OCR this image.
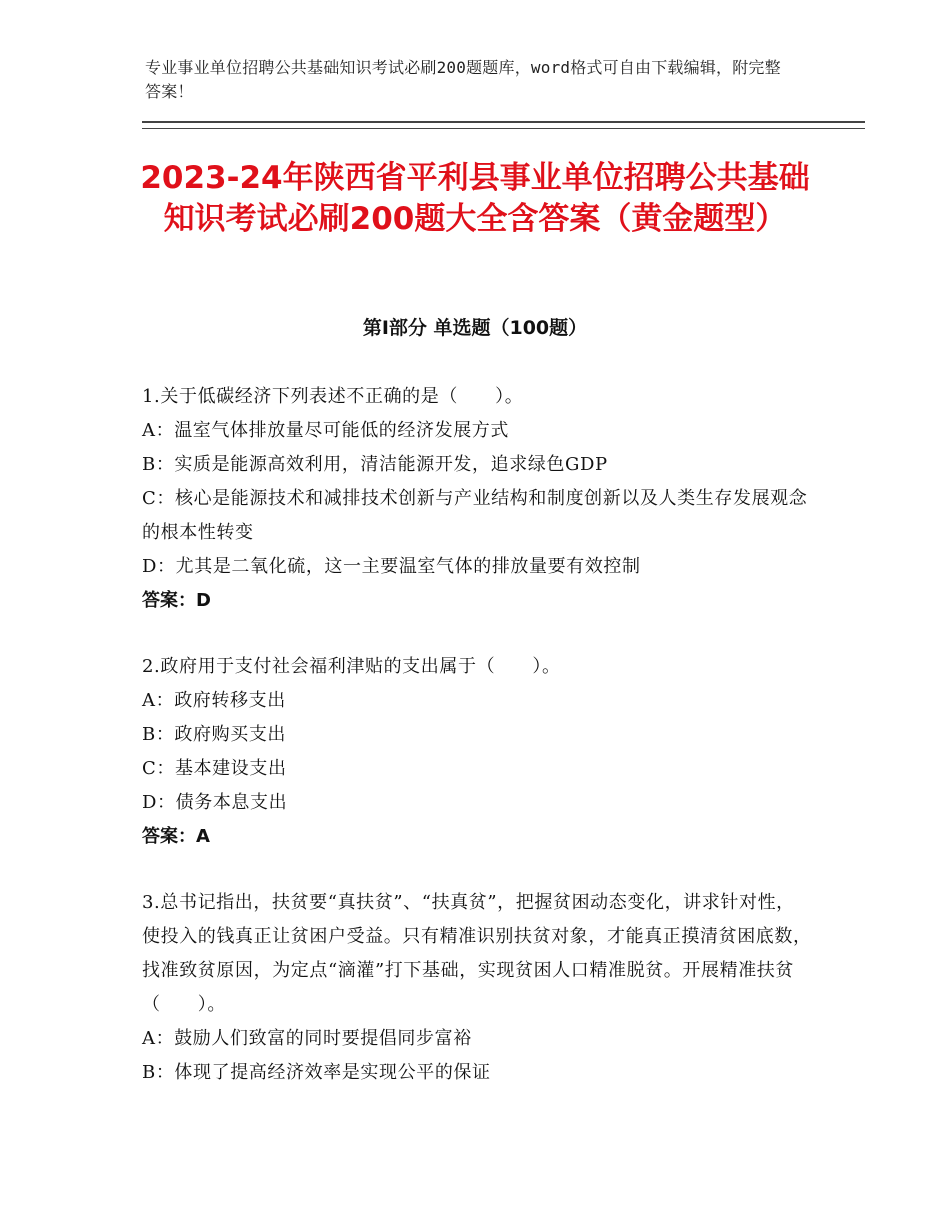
专业事业单位招聘公共基础知识考试必刷200题题库，word格式可自由下载编辑，附完整答案！
2023-24年陕西省平利县事业单位招聘公共基础知识考试必刷200题大全含答案（黄金题型）
第Ⅰ部分 单选题（100题）
1.关于低碳经济下列表述不正确的是（　　）。
A：温室气体排放量尽可能低的经济发展方式
B：实质是能源高效利用，清洁能源开发，追求绿色GDP
C：核心是能源技术和减排技术创新与产业结构和制度创新以及人类生存发展观念的根本性转变
D：尤其是二氧化硫，这一主要温室气体的排放量要有效控制
答案：D
2.政府用于支付社会福利津贴的支出属于（　　）。
A：政府转移支出
B：政府购买支出
C：基本建设支出
D：债务本息支出
答案：A
3.总书记指出，扶贫要“真扶贫”、“扶真贫”，把握贫困动态变化，讲求针对性，使投入的钱真正让贫困户受益。只有精准识别扶贫对象，才能真正摸清贫困底数，找准致贫原因，为定点“滴灌”打下基础，实现贫困人口精准脱贫。开展精准扶贫（　　）。
A：鼓励人们致富的同时要提倡同步富裕
B：体现了提高经济效率是实现公平的保证
